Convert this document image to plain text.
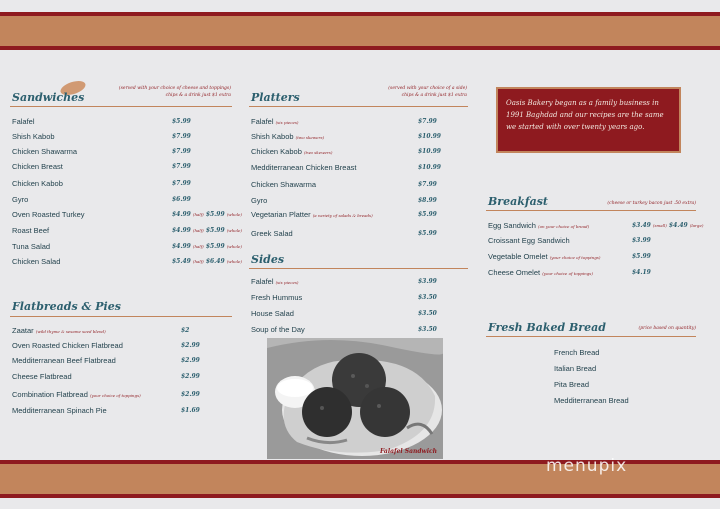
Sandwiches
(served with your choice of cheese and toppings)
chips & a drink just $1 extra
Falafel	$5.99
Shish Kabob	$7.99
Chicken Shawarma	$7.99
Chicken Breast	$7.99
Chicken Kabob	$7.99
Gyro	$6.99
Oven Roasted Turkey	$4.99 (half) $5.99 (whole)
Roast Beef	$4.99 (half) $5.99 (whole)
Tuna Salad	$4.99 (half) $5.99 (whole)
Chicken Salad	$5.49 (half) $6.49 (whole)
Flatbreads & Pies
Zaatar (wild thyme & sesame seed blend)	$2
Oven Roasted Chicken Flatbread	$2.99
Medditerranean Beef Flatbread	$2.99
Cheese Flatbread	$2.99
Combination Flatbread (your choice of toppings)	$2.99
Medditerranean Spinach Pie	$1.69
Platters
(served with your choice of a side)
chips & a drink just $1 extra
Falafel (six pieces)	$7.99
Shish Kabob (two skewers)	$10.99
Chicken Kabob (two skewers)	$10.99
Medditerranean Chicken Breast	$10.99
Chicken Shawarma	$7.99
Gyro	$8.99
Vegetarian Platter (a variety of salads & breads)	$5.99
Greek Salad	$5.99
Sides
Falafel (six pieces)	$3.99
Fresh Hummus	$3.50
House Salad	$3.50
Soup of the Day	$3.50
Falafel Sandwich
Oasis Bakery began as a family business in 1991 Baghdad and our recipes are the same we started with over twenty years ago.
Breakfast	(cheese or turkey bacon just .50 extra)
Egg Sandwich (on your choice of bread)	$3.49 (small) $4.49 (large)
Croissant Egg Sandwich	$3.99
Vegetable Omelet (your choice of toppings)	$5.99
Cheese Omelet (your choice of toppings)	$4.19
Fresh Baked Bread	(price based on quantity)
French Bread
Italian Bread
Pita Bread
Medditerranean Bread
menupix
